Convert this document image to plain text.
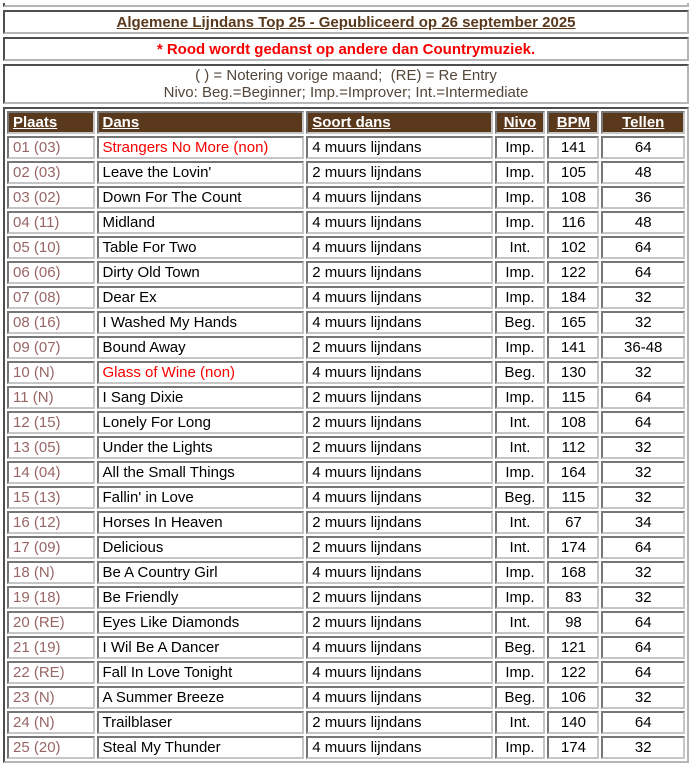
Algemene Lijndans Top 25 - Gepubliceerd op 26 september 2025
* Rood wordt gedanst op andere dan Countrymuziek.
( ) = Notering vorige maand;  (RE) = Re Entry
Nivo: Beg.=Beginner; Imp.=Improver; Int.=Intermediate
Plaats	Dans	Soort dans	Nivo	BPM	Tellen
01 (03)	Strangers No More (non)	4 muurs lijndans	Imp.	141	64
02 (03)	Leave the Lovin'	2 muurs lijndans	Imp.	105	48
03 (02)	Down For The Count	4 muurs lijndans	Imp.	108	36
04 (11)	Midland	4 muurs lijndans	Imp.	116	48
05 (10)	Table For Two	4 muurs lijndans	Int.	102	64
06 (06)	Dirty Old Town	2 muurs lijndans	Imp.	122	64
07 (08)	Dear Ex	4 muurs lijndans	Imp.	184	32
08 (16)	I Washed My Hands	4 muurs lijndans	Beg.	165	32
09 (07)	Bound Away	2 muurs lijndans	Imp.	141	36-48
10 (N)	Glass of Wine (non)	4 muurs lijndans	Beg.	130	32
11 (N)	I Sang Dixie	2 muurs lijndans	Imp.	115	64
12 (15)	Lonely For Long	2 muurs lijndans	Int.	108	64
13 (05)	Under the Lights	2 muurs lijndans	Int.	112	32
14 (04)	All the Small Things	4 muurs lijndans	Imp.	164	32
15 (13)	Fallin' in Love	4 muurs lijndans	Beg.	115	32
16 (12)	Horses In Heaven	2 muurs lijndans	Int.	67	34
17 (09)	Delicious	2 muurs lijndans	Int.	174	64
18 (N)	Be A Country Girl	4 muurs lijndans	Imp.	168	32
19 (18)	Be Friendly	2 muurs lijndans	Imp.	83	32
20 (RE)	Eyes Like Diamonds	2 muurs lijndans	Int.	98	64
21 (19)	I Wil Be A Dancer	4 muurs lijndans	Beg.	121	64
22 (RE)	Fall In Love Tonight	4 muurs lijndans	Imp.	122	64
23 (N)	A Summer Breeze	4 muurs lijndans	Beg.	106	32
24 (N)	Trailblaser	2 muurs lijndans	Int.	140	64
25 (20)	Steal My Thunder	4 muurs lijndans	Imp.	174	32
